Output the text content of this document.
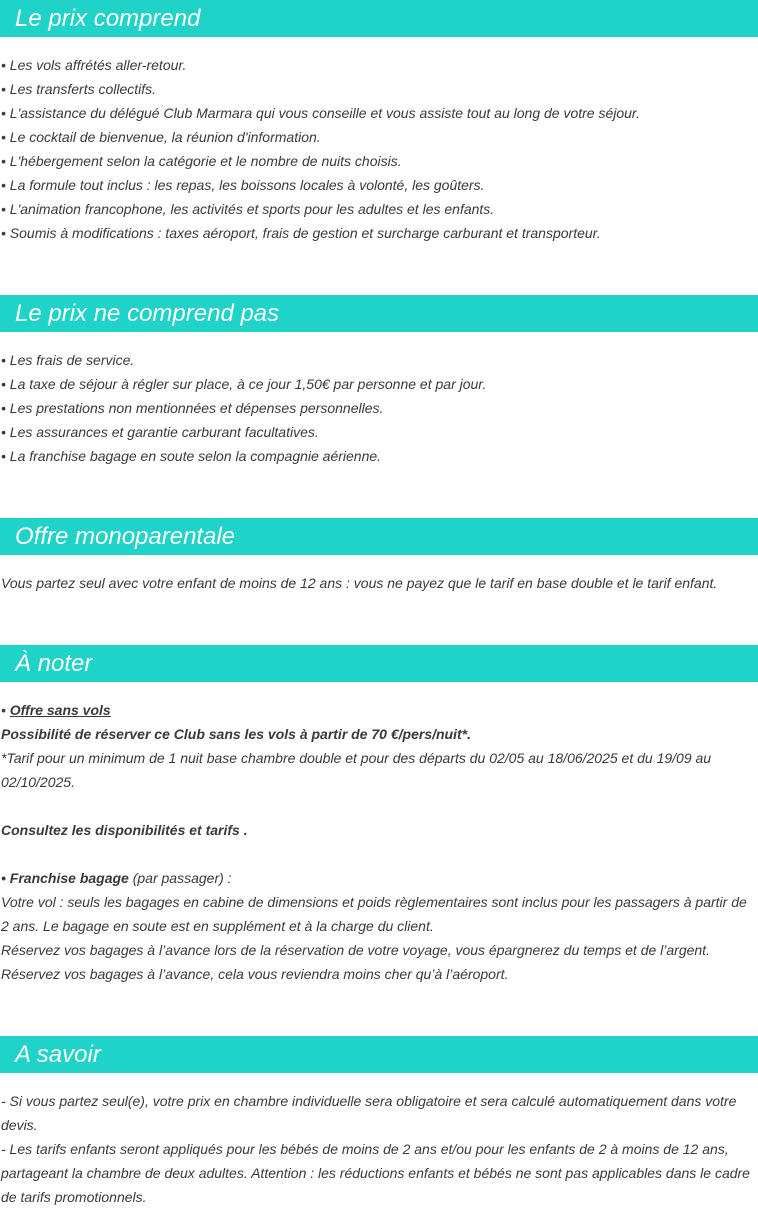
Le prix comprend
• Les vols affrétés aller-retour.
• Les transferts collectifs.
• L'assistance du délégué Club Marmara qui vous conseille et vous assiste tout au long de votre séjour.
• Le cocktail de bienvenue, la réunion d'information.
• L'hébergement selon la catégorie et le nombre de nuits choisis.
• La formule tout inclus : les repas, les boissons locales à volonté, les goûters.
• L'animation francophone, les activités et sports pour les adultes et les enfants.
• Soumis à modifications : taxes aéroport, frais de gestion et surcharge carburant et transporteur.
Le prix ne comprend pas
• Les frais de service.
• La taxe de séjour à régler sur place, à ce jour 1,50€ par personne et par jour.
• Les prestations non mentionnées et dépenses personnelles.
• Les assurances et garantie carburant facultatives.
• La franchise bagage en soute selon la compagnie aérienne.
Offre monoparentale
Vous partez seul avec votre enfant de moins de 12 ans : vous ne payez que le tarif en base double et le tarif enfant.
À noter
• Offre sans vols
Possibilité de réserver ce Club sans les vols à partir de 70 €/pers/nuit*.
*Tarif pour un minimum de 1 nuit base chambre double et pour des départs du 02/05 au 18/06/2025 et du 19/09 au 02/10/2025.
Consultez les disponibilités et tarifs .
• Franchise bagage (par passager) :
Votre vol : seuls les bagages en cabine de dimensions et poids règlementaires sont inclus pour les passagers à partir de 2 ans. Le bagage en soute est en supplément et à la charge du client.
Réservez vos bagages à l’avance lors de la réservation de votre voyage, vous épargnerez du temps et de l’argent.
Réservez vos bagages à l’avance, cela vous reviendra moins cher qu’à l’aéroport.
A savoir
- Si vous partez seul(e), votre prix en chambre individuelle sera obligatoire et sera calculé automatiquement dans votre devis.
- Les tarifs enfants seront appliqués pour les bébés de moins de 2 ans et/ou pour les enfants de 2 à moins de 12 ans, partageant la chambre de deux adultes. Attention : les réductions enfants et bébés ne sont pas applicables dans le cadre de tarifs promotionnels.
